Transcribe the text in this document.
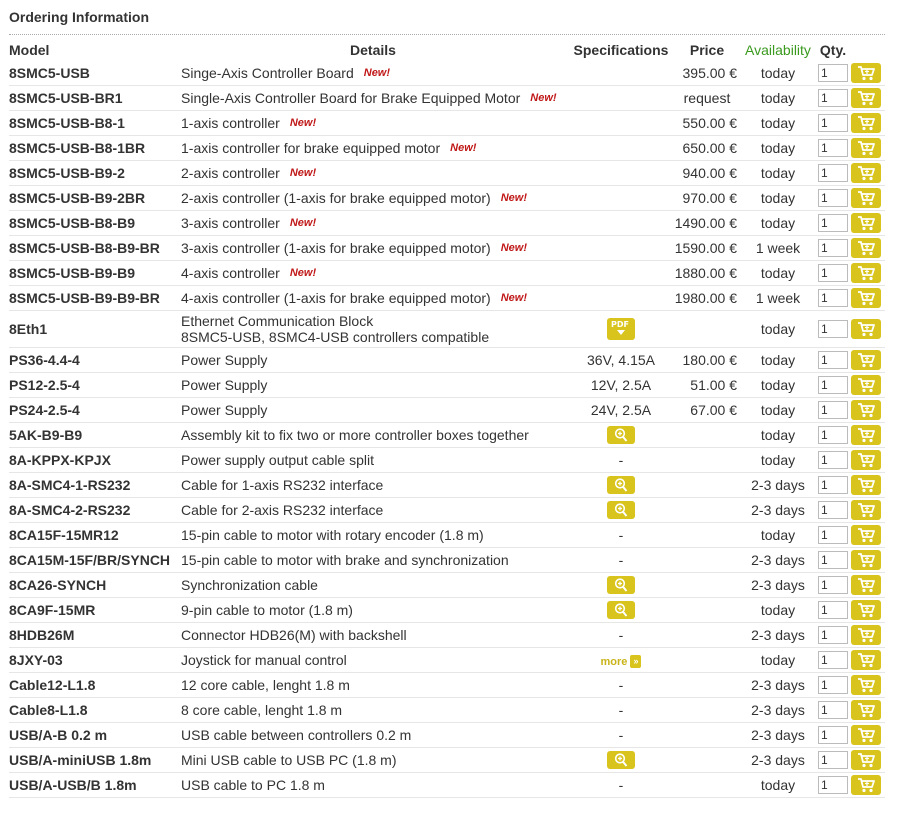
Ordering Information
Model	Details	Specifications	Price	Availability	Qty.	
8SMC5-USB	Singe-Axis Controller Board New!		395.00 €	today	1	

8SMC5-USB-BR1	Single-Axis Controller Board for Brake Equipped Motor New!		request	today	1	

8SMC5-USB-B8-1	1-axis controller New!		550.00 €	today	1	

8SMC5-USB-B8-1BR	1-axis controller for brake equipped motor New!		650.00 €	today	1	

8SMC5-USB-B9-2	2-axis controller New!		940.00 €	today	1	

8SMC5-USB-B9-2BR	2-axis controller (1-axis for brake equipped motor) New!		970.00 €	today	1	

8SMC5-USB-B8-B9	3-axis controller New!		1490.00 €	today	1	

8SMC5-USB-B8-B9-BR	3-axis controller (1-axis for brake equipped motor) New!		1590.00 €	1 week	1	

8SMC5-USB-B9-B9	4-axis controller New!		1880.00 €	today	1	

8SMC5-USB-B9-B9-BR	4-axis controller (1-axis for brake equipped motor) New!		1980.00 €	1 week	1	

8Eth1	Ethernet Communication Block
8SMC5-USB, 8SMC4-USB controllers compatible	PDF		today	1	

PS36-4.4-4	Power Supply	36V, 4.15A	180.00 €	today	1	

PS12-2.5-4	Power Supply	12V, 2.5A	51.00 €	today	1	

PS24-2.5-4	Power Supply	24V, 2.5A	67.00 €	today	1	

5AK-B9-B9	Assembly kit to fix two or more controller boxes together			today	1	

8A-KPPX-KPJX	Power supply output cable split	-		today	1	

8A-SMC4-1-RS232	Cable for 1-axis RS232 interface			2-3 days	1	

8A-SMC4-2-RS232	Cable for 2-axis RS232 interface			2-3 days	1	

8CA15F-15MR12	15-pin cable to motor with rotary encoder (1.8 m)	-		today	1	

8CA15M-15F/BR/SYNCH	15-pin cable to motor with brake and synchronization	-		2-3 days	1	

8CA26-SYNCH	Synchronization cable			2-3 days	1	

8CA9F-15MR	9-pin cable to motor (1.8 m)			today	1	

8HDB26M	Connector HDB26(M) with backshell	-		2-3 days	1	

8JXY-03	Joystick for manual control	more »		today	1	

Cable12-L1.8	12 core cable, lenght 1.8 m	-		2-3 days	1	

Cable8-L1.8	8 core cable, lenght 1.8 m	-		2-3 days	1	

USB/A-B 0.2 m	USB cable between controllers 0.2 m	-		2-3 days	1	

USB/A-miniUSB 1.8m	Mini USB cable to USB PC (1.8 m)			2-3 days	1	

USB/A-USB/B 1.8m	USB cable to PC 1.8 m	-		today	1	
